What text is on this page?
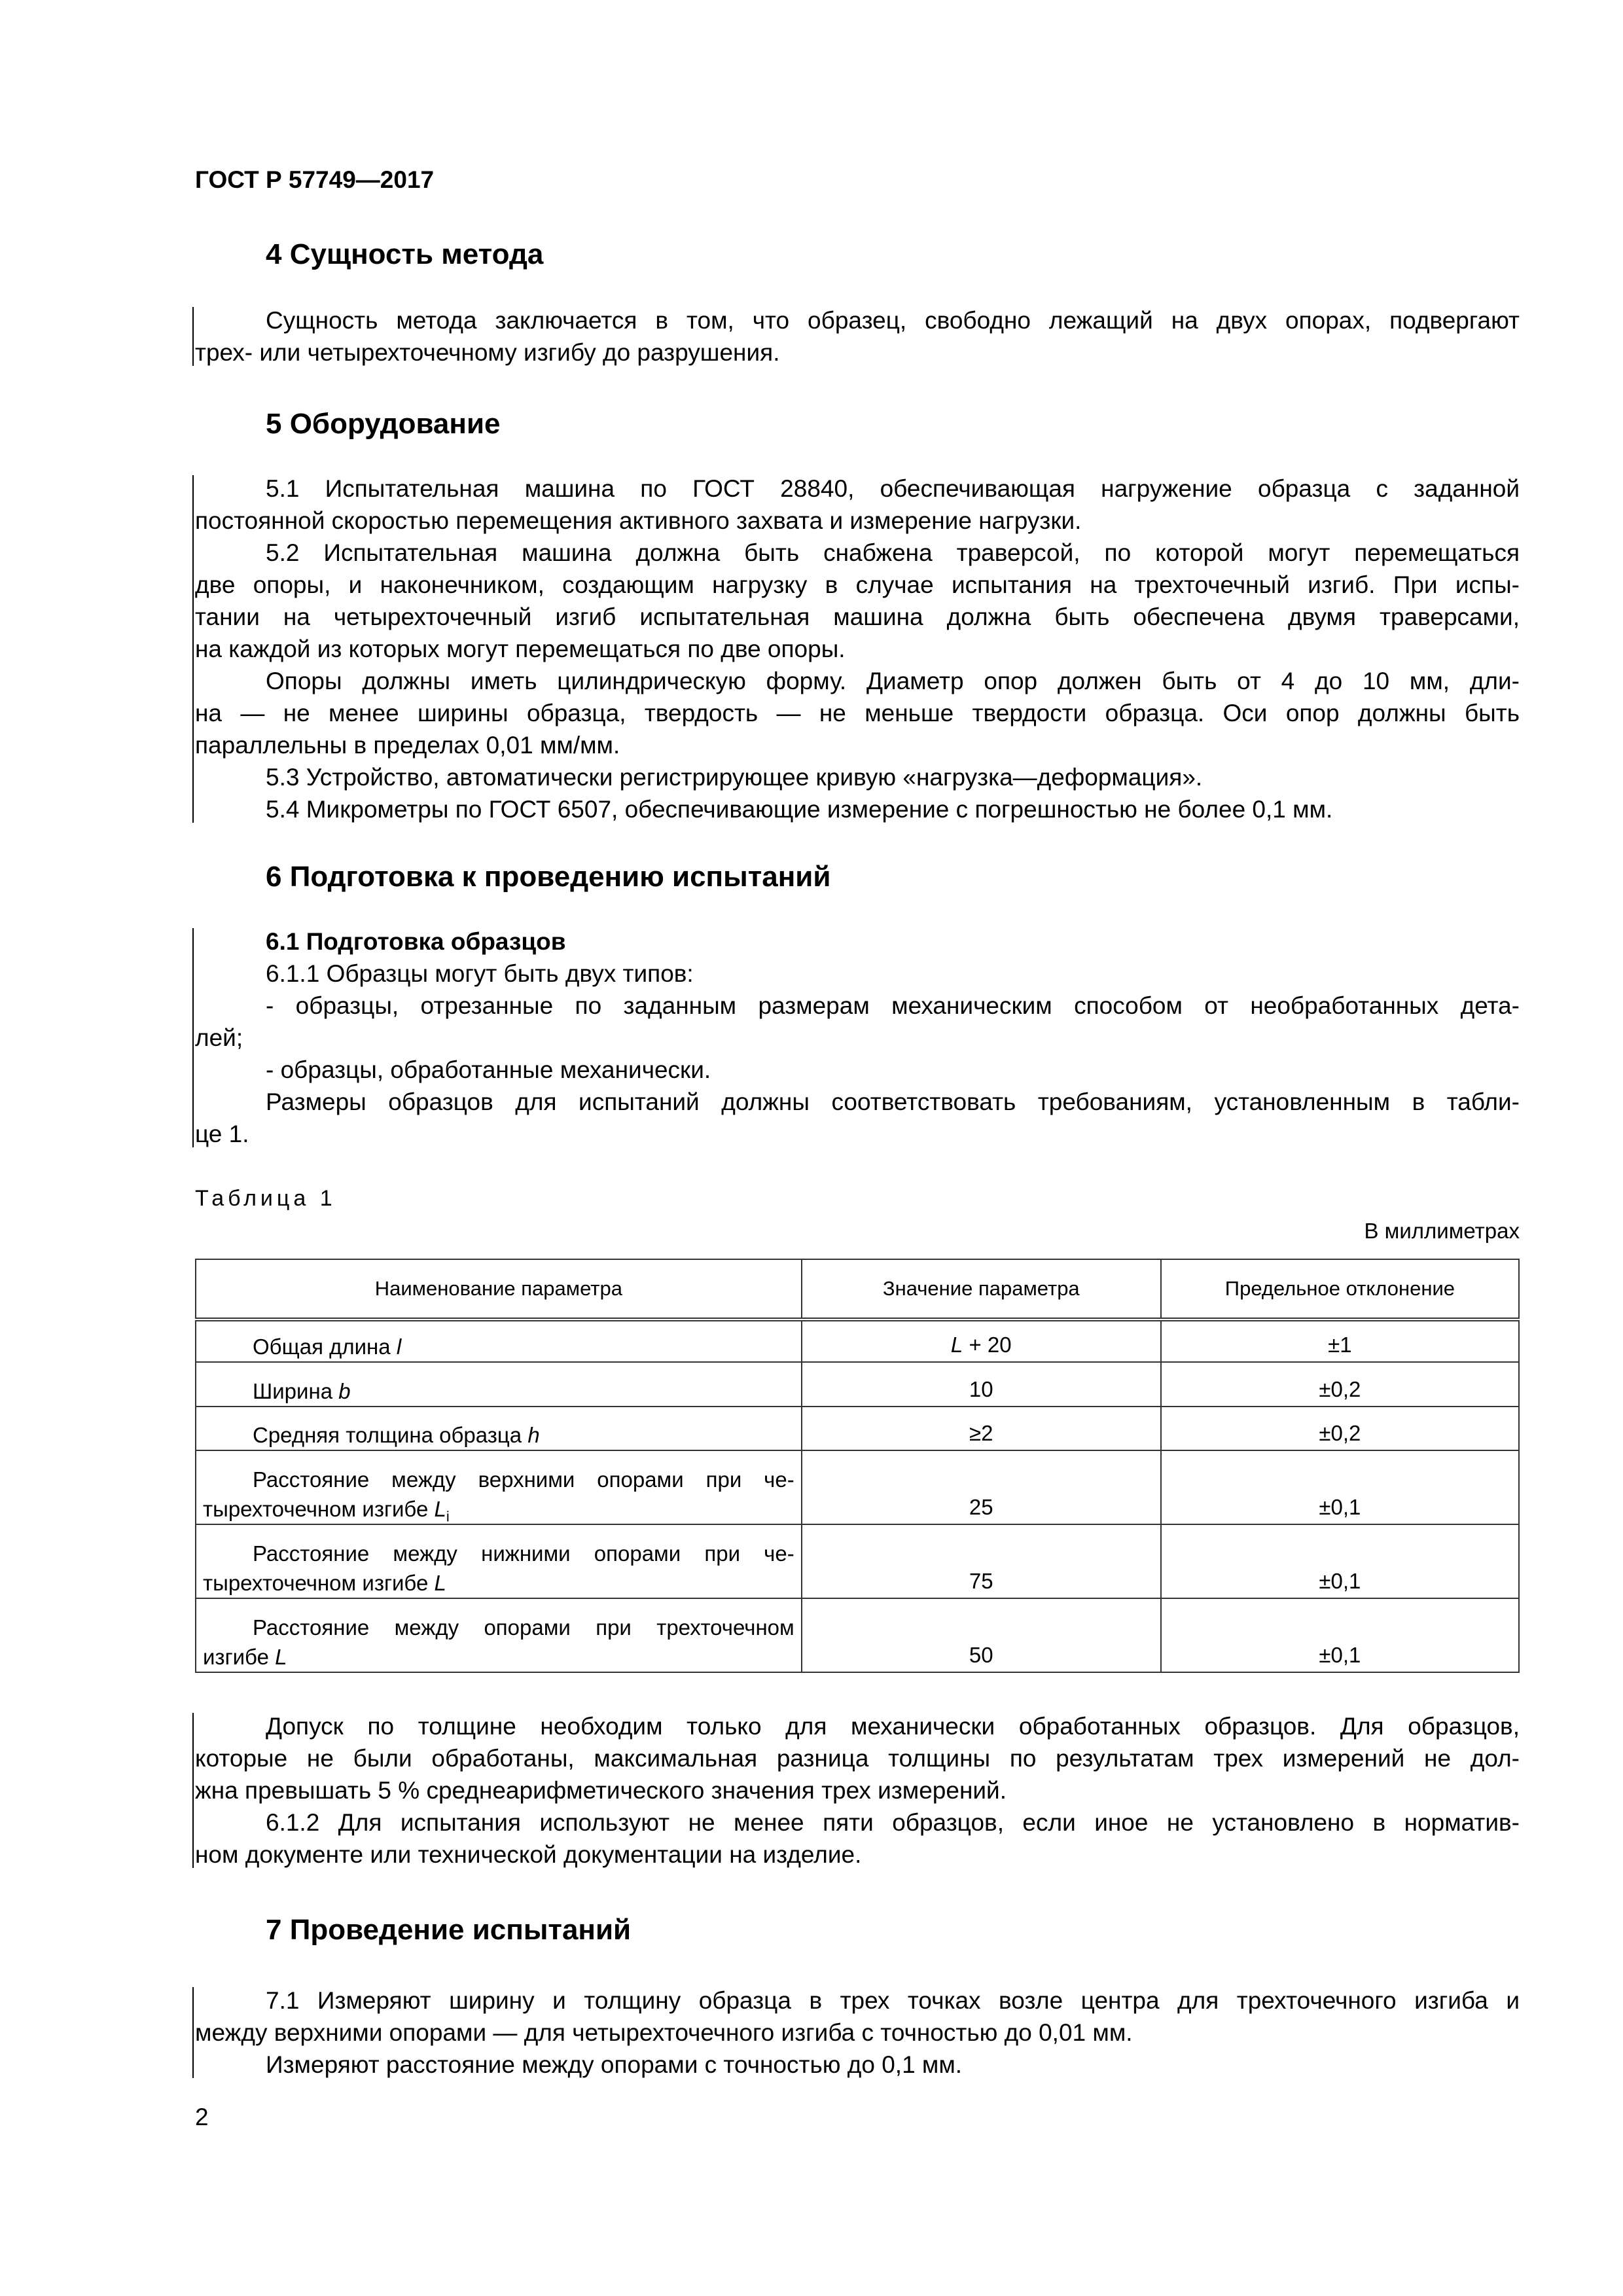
ГОСТ Р 57749—2017
4 Сущность метода
Сущность метода заключается в том, что образец, свободно лежащий на двух опорах, подвергают
трех- или четырехточечному изгибу до разрушения.
5 Оборудование
5.1 Испытательная машина по ГОСТ 28840, обеспечивающая нагружение образца с заданной
постоянной скоростью перемещения активного захвата и измерение нагрузки.
5.2 Испытательная машина должна быть снабжена траверсой, по которой могут перемещаться
две опоры, и наконечником, создающим нагрузку в случае испытания на трехточечный изгиб. При испы-
тании на четырехточечный изгиб испытательная машина должна быть обеспечена двумя траверсами,
на каждой из которых могут перемещаться по две опоры.
Опоры должны иметь цилиндрическую форму. Диаметр опор должен быть от 4 до 10 мм, дли-
на — не менее ширины образца, твердость — не меньше твердости образца. Оси опор должны быть
параллельны в пределах 0,01 мм/мм.
5.3 Устройство, автоматически регистрирующее кривую «нагрузка—деформация».
5.4 Микрометры по ГОСТ 6507, обеспечивающие измерение с погрешностью не более 0,1 мм.
6 Подготовка к проведению испытаний
6.1 Подготовка образцов
6.1.1 Образцы могут быть двух типов:
- образцы, отрезанные по заданным размерам механическим способом от необработанных дета-
лей;
- образцы, обработанные механически.
Размеры образцов для испытаний должны соответствовать требованиям, установленным в табли-
це 1.
Таблица 1
В миллиметрах
Наименование параметра	Значение параметра	Предельное отклонение

Общая длина l	L + 20	±1

Ширина b	10	±0,2

Средняя толщина образца h	≥2	±0,2

Расстояние между верхними опорами при че-
тырехточечном изгибе $L_i$	25	±0,1

Расстояние между нижними опорами при че-
тырехточечном изгибе L	75	±0,1

Расстояние между опорами при трехточечном
изгибе L	50	±0,1
Допуск по толщине необходим только для механически обработанных образцов. Для образцов,
которые не были обработаны, максимальная разница толщины по результатам трех измерений не дол-
жна превышать 5 % среднеарифметического значения трех измерений.
6.1.2 Для испытания используют не менее пяти образцов, если иное не установлено в норматив-
ном документе или технической документации на изделие.
7 Проведение испытаний
7.1 Измеряют ширину и толщину образца в трех точках возле центра для трехточечного изгиба и
между верхними опорами — для четырехточечного изгиба с точностью до 0,01 мм.
Измеряют расстояние между опорами с точностью до 0,1 мм.
2
